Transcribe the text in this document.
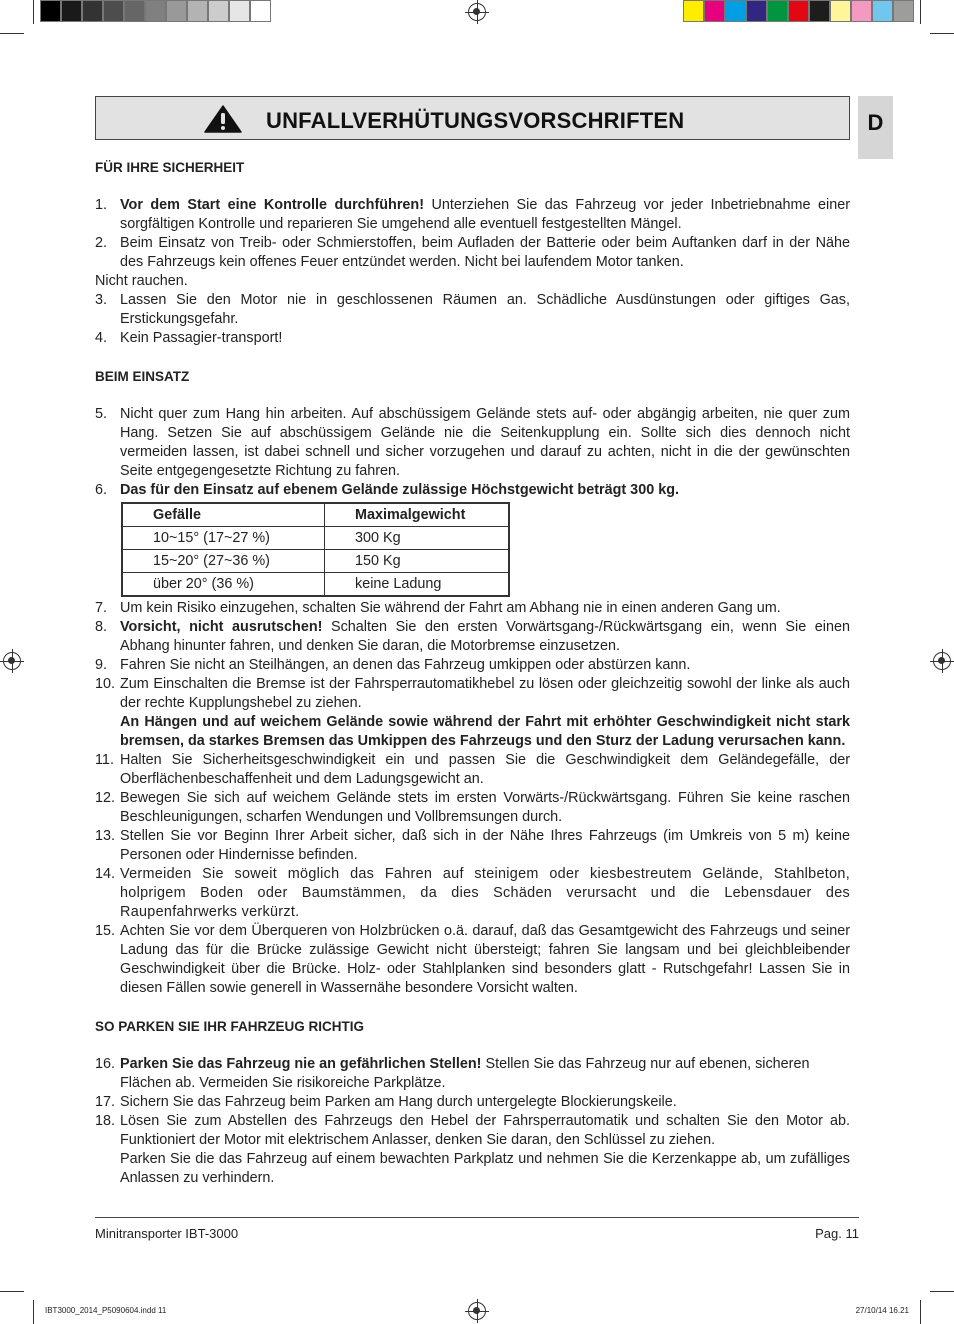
UNFALLVERHÜTUNGSVORSCHRIFTEN	D

FÜR IHRE SICHERHEIT

1. Vor dem Start eine Kontrolle durchführen! Unterziehen Sie das Fahrzeug vor jeder Inbetriebnahme einer sorgfältigen Kontrolle und reparieren Sie umgehend alle eventuell festgestellten Mängel.
2. Beim Einsatz von Treib- oder Schmierstoffen, beim Aufladen der Batterie oder beim Auftanken darf in der Nähe des Fahrzeugs kein offenes Feuer entzündet werden. Nicht bei laufendem Motor tanken.
Nicht rauchen.
3. Lassen Sie den Motor nie in geschlossenen Räumen an. Schädliche Ausdünstungen oder giftiges Gas, Erstickungsgefahr.
4. Kein Passagier-transport!

BEIM EINSATZ

5. Nicht quer zum Hang hin arbeiten. Auf abschüssigem Gelände stets auf- oder abgängig arbeiten, nie quer zum Hang. Setzen Sie auf abschüssigem Gelände nie die Seitenkupplung ein. Sollte sich dies dennoch nicht vermeiden lassen, ist dabei schnell und sicher vorzugehen und darauf zu achten, nicht in die der gewünschten Seite entgegengesetzte Richtung zu fahren.
6. Das für den Einsatz auf ebenem Gelände zulässige Höchstgewicht beträgt 300 kg.
Gefälle	Maximalgewicht
10~15° (17~27 %)	300 Kg
15~20° (27~36 %)	150 Kg
über 20° (36 %)	keine Ladung
7. Um kein Risiko einzugehen, schalten Sie während der Fahrt am Abhang nie in einen anderen Gang um.
8. Vorsicht, nicht ausrutschen! Schalten Sie den ersten Vorwärtsgang-/Rückwärtsgang ein, wenn Sie einen Abhang hinunter fahren, und denken Sie daran, die Motorbremse einzusetzen.
9. Fahren Sie nicht an Steilhängen, an denen das Fahrzeug umkippen oder abstürzen kann.
10. Zum Einschalten die Bremse ist der Fahrsperrautomatikhebel zu lösen oder gleichzeitig sowohl der linke als auch der rechte Kupplungshebel zu ziehen.
An Hängen und auf weichem Gelände sowie während der Fahrt mit erhöhter Geschwindigkeit nicht stark bremsen, da starkes Bremsen das Umkippen des Fahrzeugs und den Sturz der Ladung verursachen kann.
11. Halten Sie Sicherheitsgeschwindigkeit ein und passen Sie die Geschwindigkeit dem Geländegefälle, der Oberflächenbeschaffenheit und dem Ladungsgewicht an.
12. Bewegen Sie sich auf weichem Gelände stets im ersten Vorwärts-/Rückwärtsgang. Führen Sie keine raschen Beschleunigungen, scharfen Wendungen und Vollbremsungen durch.
13. Stellen Sie vor Beginn Ihrer Arbeit sicher, daß sich in der Nähe Ihres Fahrzeugs (im Umkreis von 5 m) keine Personen oder Hindernisse befinden.
14. Vermeiden Sie soweit möglich das Fahren auf steinigem oder kiesbestreutem Gelände, Stahlbeton, holprigem Boden oder Baumstämmen, da dies Schäden verursacht und die Lebensdauer des Raupenfahrwerks verkürzt.
15. Achten Sie vor dem Überqueren von Holzbrücken o.ä. darauf, daß das Gesamtgewicht des Fahrzeugs und seiner Ladung das für die Brücke zulässige Gewicht nicht übersteigt; fahren Sie langsam und bei gleichbleibender Geschwindigkeit über die Brücke. Holz- oder Stahlplanken sind besonders glatt - Rutschgefahr! Lassen Sie in diesen Fällen sowie generell in Wassernähe besondere Vorsicht walten.

SO PARKEN SIE IHR FAHRZEUG RICHTIG

16. Parken Sie das Fahrzeug nie an gefährlichen Stellen! Stellen Sie das Fahrzeug nur auf ebenen, sicheren Flächen ab. Vermeiden Sie risikoreiche Parkplätze.
17. Sichern Sie das Fahrzeug beim Parken am Hang durch untergelegte Blockierungskeile.
18. Lösen Sie zum Abstellen des Fahrzeugs den Hebel der Fahrsperrautomatik und schalten Sie den Motor ab. Funktioniert der Motor mit elektrischem Anlasser, denken Sie daran, den Schlüssel zu ziehen.
Parken Sie die das Fahrzeug auf einem bewachten Parkplatz und nehmen Sie die Kerzenkappe ab, um zufälliges Anlassen zu verhindern.
Minitransporter IBT-3000	Pag. 11
IBT3000_2014_P5090604.indd 11	27/10/14 16.21
